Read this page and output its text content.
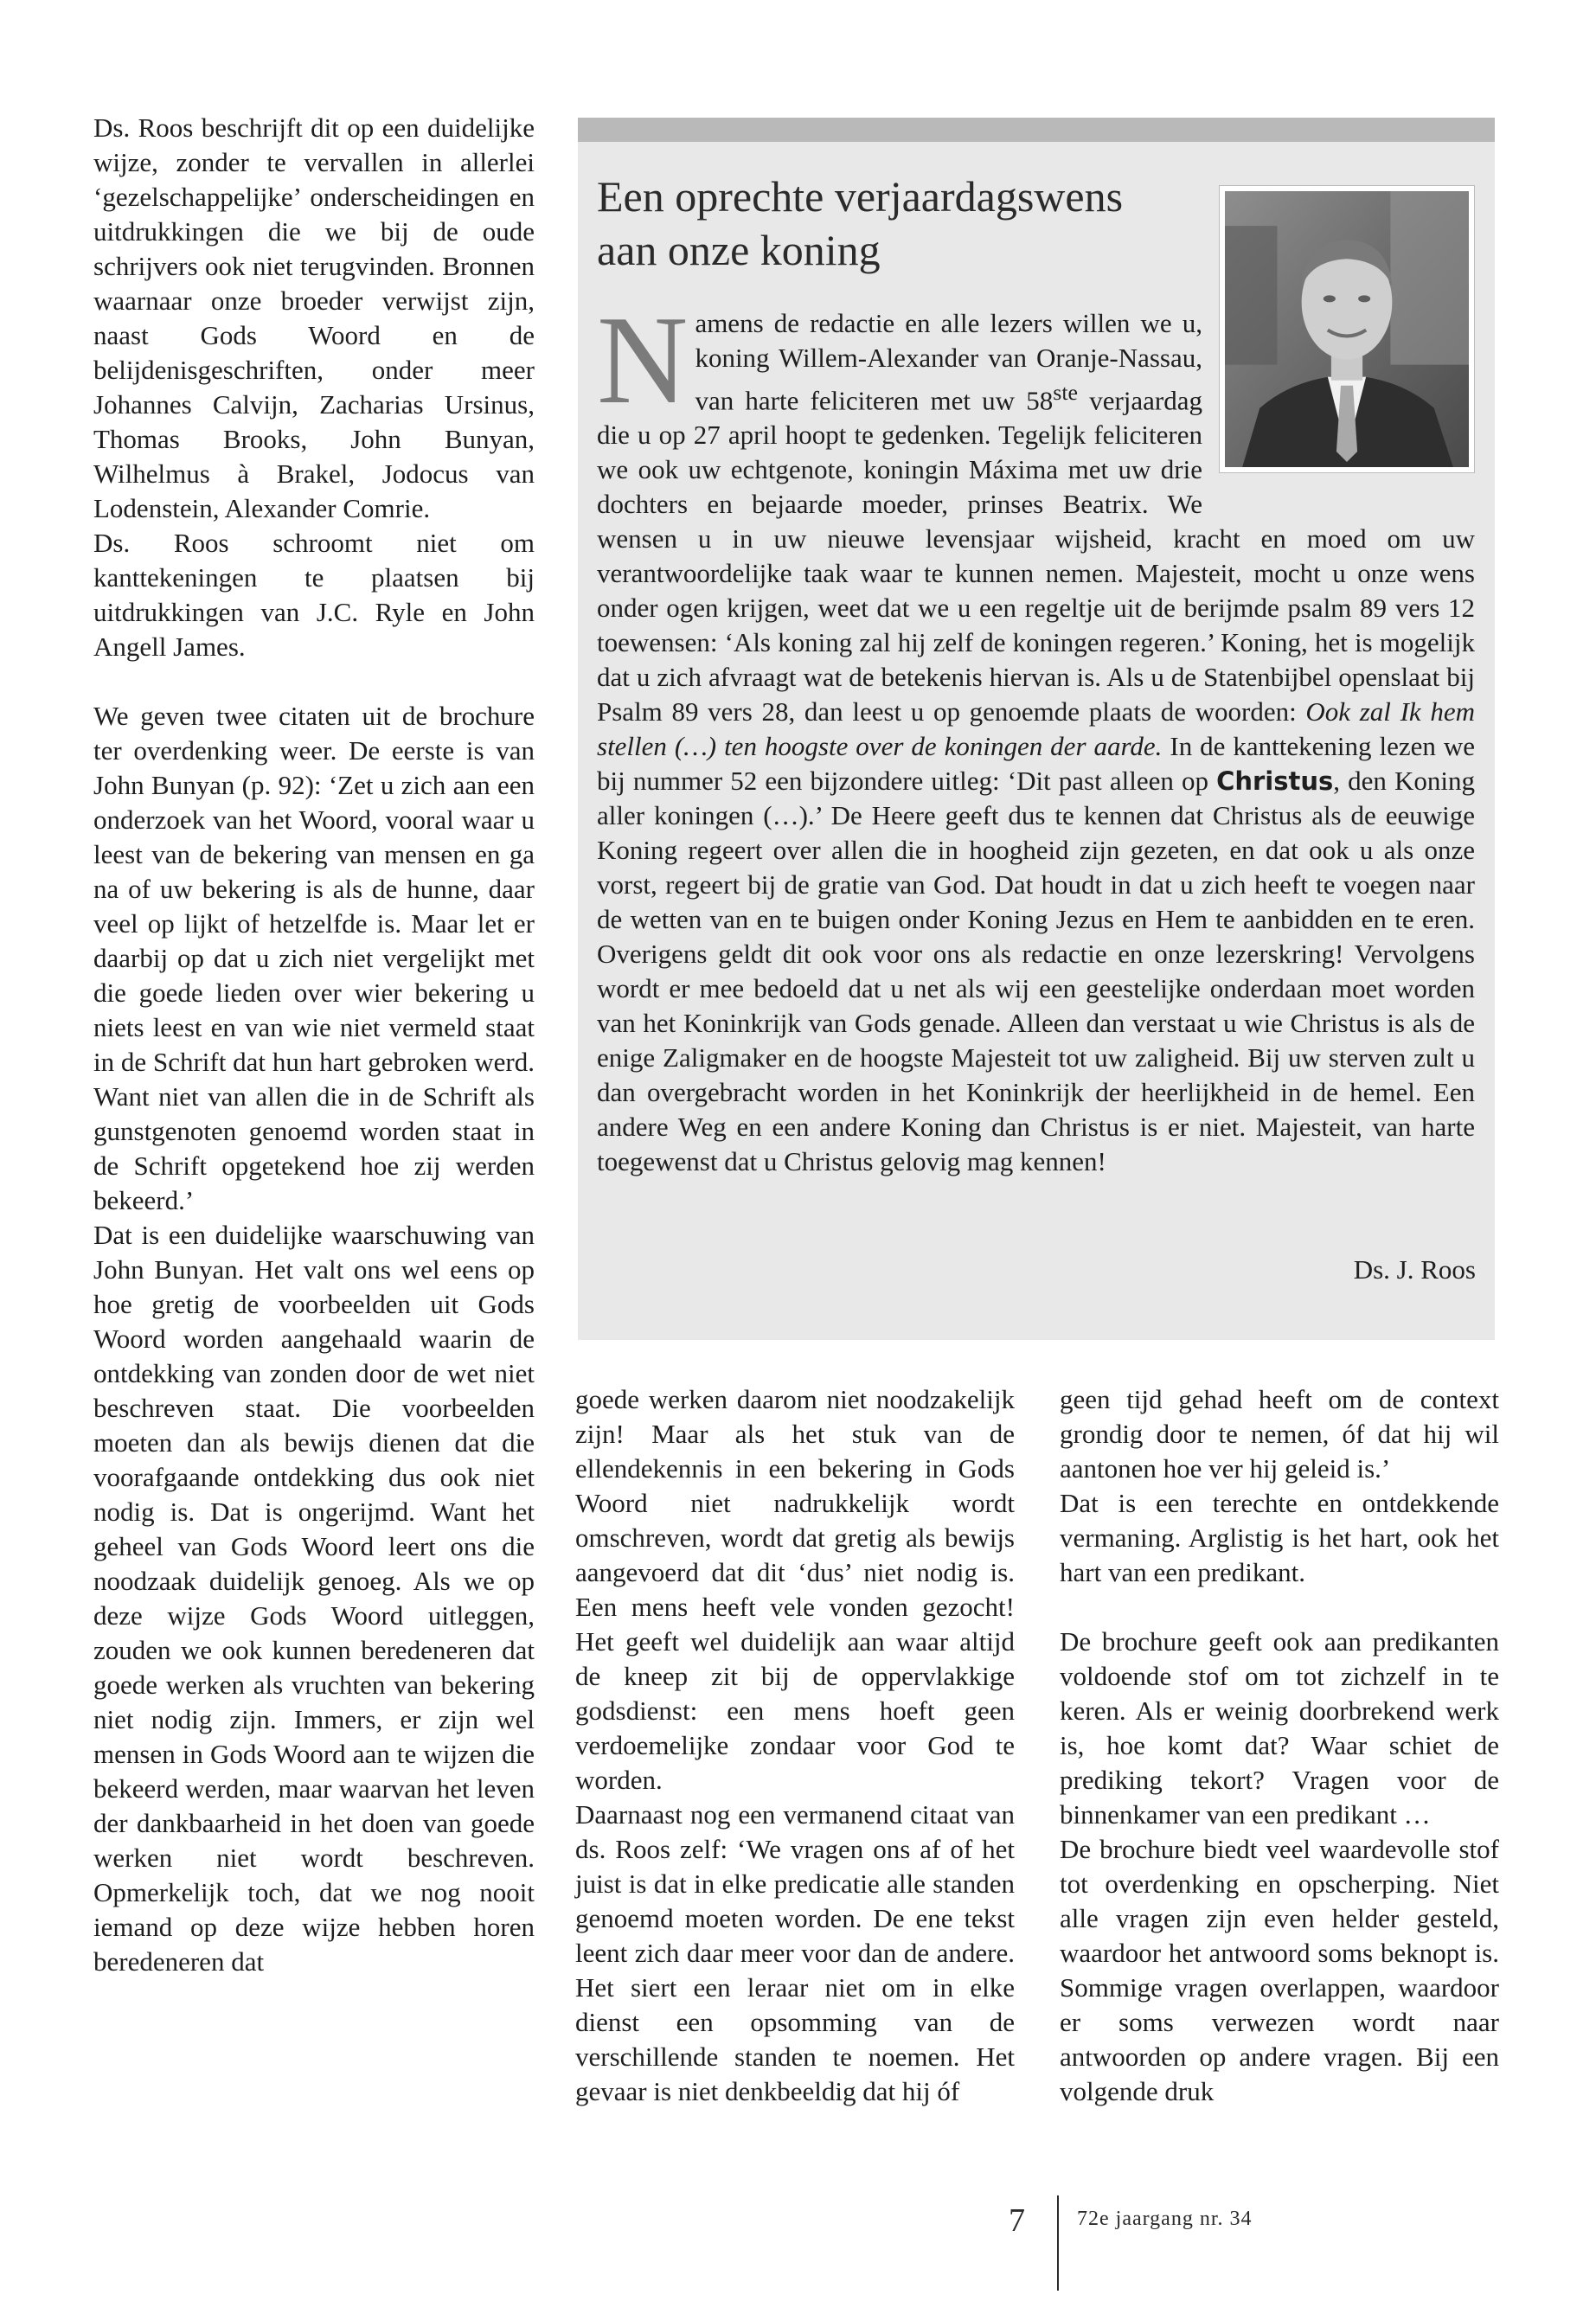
Ds. Roos beschrijft dit op een duidelijke wijze, zonder te vervallen in allerlei ‘gezelschappelijke’ onderscheidingen en uitdrukkingen die we bij de oude schrijvers ook niet terugvinden. Bronnen waarnaar onze broeder verwijst zijn, naast Gods Woord en de belijdenisgeschriften, onder meer Johannes Calvijn, Zacharias Ursinus, Thomas Brooks, John Bunyan, Wilhelmus à Brakel, Jodocus van Lodenstein, Alexander Comrie.

Ds. Roos schroomt niet om kanttekeningen te plaatsen bij uitdrukkingen van J.C. Ryle en John Angell James.

We geven twee citaten uit de brochure ter overdenking weer. De eerste is van John Bunyan (p. 92): ‘Zet u zich aan een onderzoek van het Woord, vooral waar u leest van de bekering van mensen en ga na of uw bekering is als de hunne, daar veel op lijkt of hetzelfde is. Maar let er daarbij op dat u zich niet vergelijkt met die goede lieden over wier bekering u niets leest en van wie niet vermeld staat in de Schrift dat hun hart gebroken werd. Want niet van allen die in de Schrift als gunstgenoten genoemd worden staat in de Schrift opgetekend hoe zij werden bekeerd.’

Dat is een duidelijke waarschuwing van John Bunyan. Het valt ons wel eens op hoe gretig de voorbeelden uit Gods Woord worden aangehaald waarin de ontdekking van zonden door de wet niet beschreven staat. Die voorbeelden moeten dan als bewijs dienen dat die voorafgaande ontdekking dus ook niet nodig is. Dat is ongerijmd. Want het geheel van Gods Woord leert ons die noodzaak duidelijk genoeg. Als we op deze wijze Gods Woord uitleggen, zouden we ook kunnen beredeneren dat goede werken als vruchten van bekering niet nodig zijn. Immers, er zijn wel mensen in Gods Woord aan te wijzen die bekeerd werden, maar waarvan het leven der dankbaarheid in het doen van goede werken niet wordt beschreven. Opmerkelijk toch, dat we nog nooit iemand op deze wijze hebben horen beredeneren dat

Een oprechte verjaardagswens aan onze koning
N amens de redactie en alle lezers willen we u, koning Willem-Alexander van Oranje-Nassau, van harte feliciteren met uw 58ste verjaardag die u op 27 april hoopt te gedenken. Tegelijk feliciteren we ook uw echtgenote, koningin Máxima met uw drie dochters en bejaarde moeder, prinses Beatrix. We wensen u in uw nieuwe levensjaar wijsheid, kracht en moed om uw verantwoordelijke taak waar te kunnen nemen. Majesteit, mocht u onze wens onder ogen krijgen, weet dat we u een regeltje uit de berijmde psalm 89 vers 12 toewensen: ‘Als koning zal hij zelf de koningen regeren.’ Koning, het is mogelijk dat u zich afvraagt wat de betekenis hiervan is. Als u de Statenbijbel openslaat bij Psalm 89 vers 28, dan leest u op genoemde plaats de woorden: Ook zal Ik hem stellen (…) ten hoogste over de koningen der aarde. In de kanttekening lezen we bij nummer 52 een bijzondere uitleg: ‘Dit past alleen op Christus, den Koning aller koningen (…).’ De Heere geeft dus te kennen dat Christus als de eeuwige Koning regeert over allen die in hoogheid zijn gezeten, en dat ook u als onze vorst, regeert bij de gratie van God. Dat houdt in dat u zich heeft te voegen naar de wetten van en te buigen onder Koning Jezus en Hem te aanbidden en te eren. Overigens geldt dit ook voor ons als redactie en onze lezerskring! Vervolgens wordt er mee bedoeld dat u net als wij een geestelijke onderdaan moet worden van het Koninkrijk van Gods genade. Alleen dan verstaat u wie Christus is als de enige Zaligmaker en de hoogste Majesteit tot uw zaligheid. Bij uw sterven zult u dan overgebracht worden in het Koninkrijk der heerlijkheid in de hemel. Een andere Weg en een andere Koning dan Christus is er niet. Majesteit, van harte toegewenst dat u Christus gelovig mag kennen!

Ds. J. Roos

goede werken daarom niet noodzakelijk zijn! Maar als het stuk van de ellendekennis in een bekering in Gods Woord niet nadrukkelijk wordt omschreven, wordt dat gretig als bewijs aangevoerd dat dit ‘dus’ niet nodig is. Een mens heeft vele vonden gezocht! Het geeft wel duidelijk aan waar altijd de kneep zit bij de oppervlakkige godsdienst: een mens hoeft geen verdoemelijke zondaar voor God te worden.

Daarnaast nog een vermanend citaat van ds. Roos zelf: ‘We vragen ons af of het juist is dat in elke predicatie alle standen genoemd moeten worden. De ene tekst leent zich daar meer voor dan de andere. Het siert een leraar niet om in elke dienst een opsomming van de verschillende standen te noemen. Het gevaar is niet denkbeeldig dat hij óf

geen tijd gehad heeft om de context grondig door te nemen, óf dat hij wil aantonen hoe ver hij geleid is.’

Dat is een terechte en ontdekkende vermaning. Arglistig is het hart, ook het hart van een predikant.

De brochure geeft ook aan predikanten voldoende stof om tot zichzelf in te keren. Als er weinig doorbrekend werk is, hoe komt dat? Waar schiet de prediking tekort? Vragen voor de binnenkamer van een predikant …

De brochure biedt veel waardevolle stof tot overdenking en opscherping. Niet alle vragen zijn even helder gesteld, waardoor het antwoord soms beknopt is. Sommige vragen overlappen, waardoor er soms verwezen wordt naar antwoorden op andere vragen. Bij een volgende druk

7	72e jaargang nr. 34
